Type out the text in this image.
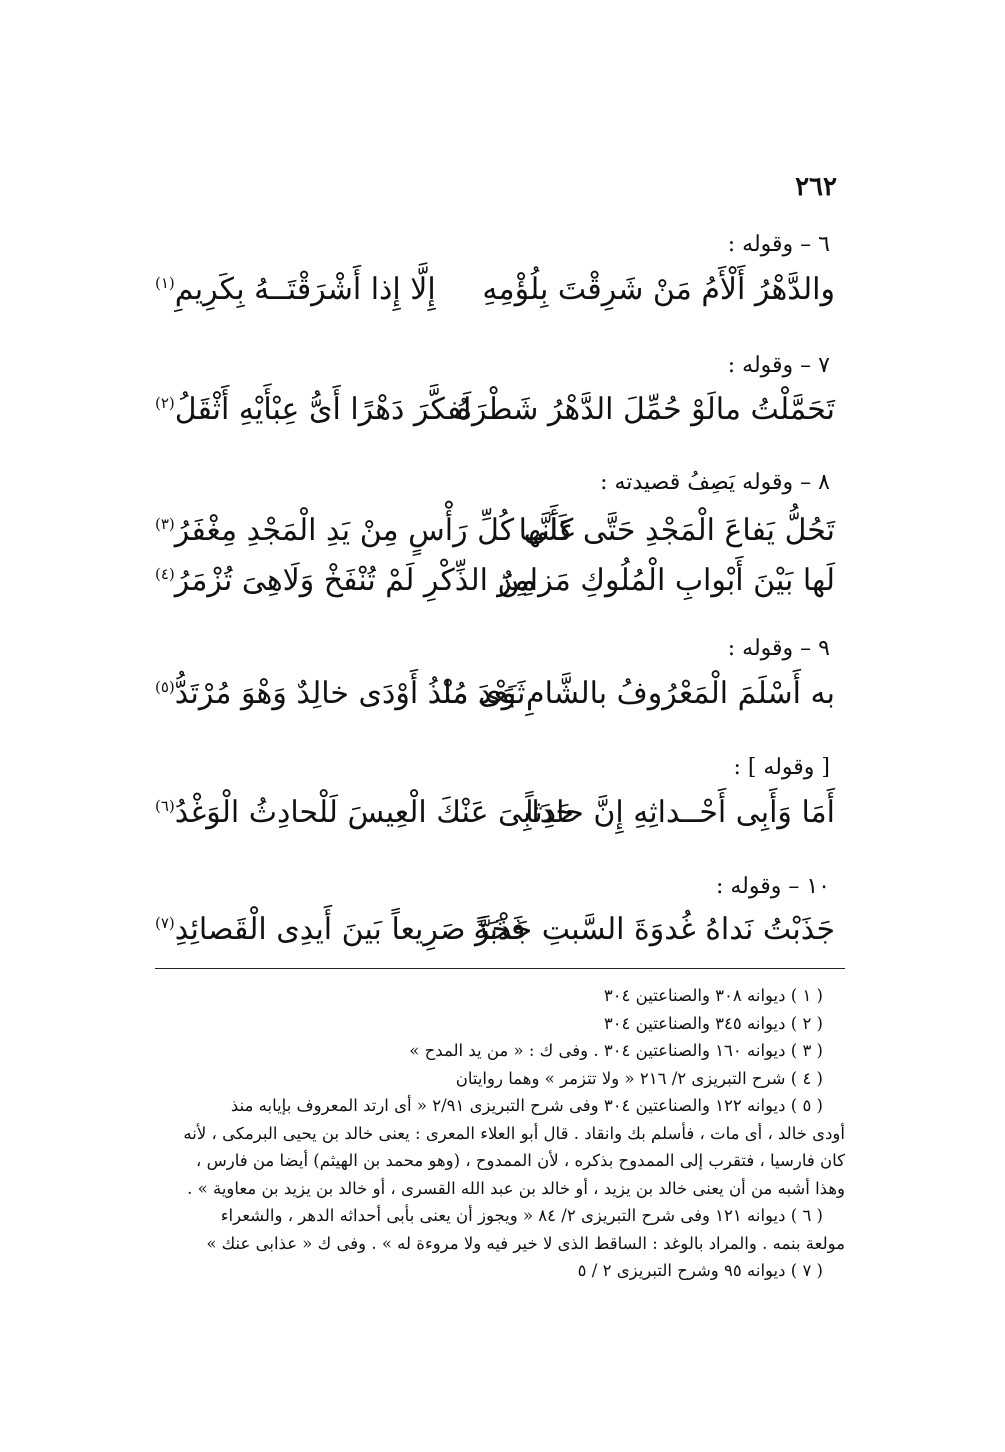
٢٦٢
٦ – وقوله :
والدَّهْرُ أَلْأَمُ مَنْ شَرِقْتَ بِلُؤْمِهِ
إِلَّا إِذا أَشْرَقْتَــهُ بِكَرِيمِ$^{(١)}$
٧ – وقوله :
تَحَمَّلْتُ مالَوْ حُمِّلَ الدَّهْرُ شَطْرَهُ
لَفكَّرَ دَهْرًا أَىُّ عِبْأَيْهِ أَثْقَلُ$^{(٢)}$
٨ – وقوله يَصِفُ قصيدته :
تَحُلُّ يَفاعَ الْمَجْدِ حَتَّى كَأَنَّها
عَلَى كُلِّ رَأْسٍ مِنْ يَدِ الْمَجْدِ مِغْفَرُ$^{(٣)}$
لَها بَيْنَ أَبْوابِ الْمُلُوكِ مَزامِرٌ
مِنَ الذِّكْرِ لَمْ تُنْفَخْ وَلَاهِىَ تُزْمَرُ$^{(٤)}$
٩ – وقوله :
به أَسْلَمَ الْمَعْرُوفُ بالشَّامِ بَعْدَ ما
ثَوَى مُنْذُ أَوْدَى خالِدٌ وَهْوَ مُرْتَدُّ$^{(٥)}$
[ وقوله ] :
أَمَا وَأَبِى أَحْــداثِهِ إِنَّ حادِثاً
حَدَابِىَ عَنْكَ الْعِيسَ لَلْحادِثُ الْوَغْدُ$^{(٦)}$
١٠ – وقوله :
جَذَبْتُ نَداهُ غُدوَةَ السَّبتِ جَذْبَةً
فَخَرَّ صَرِيعاً بَينَ أَيدِى الْقَصائِدِ$^{(٧)}$

( ١ ) ديوانه ٣٠٨ والصناعتين ٣٠٤

( ٢ ) ديوانه ٣٤٥ والصناعتين ٣٠٤

( ٣ ) ديوانه ١٦٠ والصناعتين ٣٠٤ . وفى ك : « من يد المدح »

( ٤ ) شرح التبريزى ٢/ ٢١٦ « ولا تتزمر » وهما روايتان

( ٥ ) ديوانه ١٢٢ والصناعتين ٣٠٤ وفى شرح التبريزى ٢/٩١ « أى ارتد المعروف بإيابه منذ

أودى خالد ، أى مات ، فأسلم بك وانقاد . قال أبو العلاء المعرى : يعنى خالد بن يحيى البرمكى ، لأنه

كان فارسيا ، فتقرب إلى الممدوح بذكره ، لأن الممدوح ، (وهو محمد بن الهيثم) أيضا من فارس ،

وهذا أشبه من أن يعنى خالد بن يزيد ، أو خالد بن عبد الله القسرى ، أو خالد بن يزيد بن معاوية » .

( ٦ ) ديوانه ١٢١ وفى شرح التبريزى ٢/ ٨٤ « ويجوز أن يعنى بأبى أحداثه الدهر ، والشعراء

مولعة بنمه . والمراد بالوغد : الساقط الذى لا خير فيه ولا مروءة له » . وفى ك « عذابى عنك »

( ٧ ) ديوانه ٩٥ وشرح التبريزى ٢ / ٥
